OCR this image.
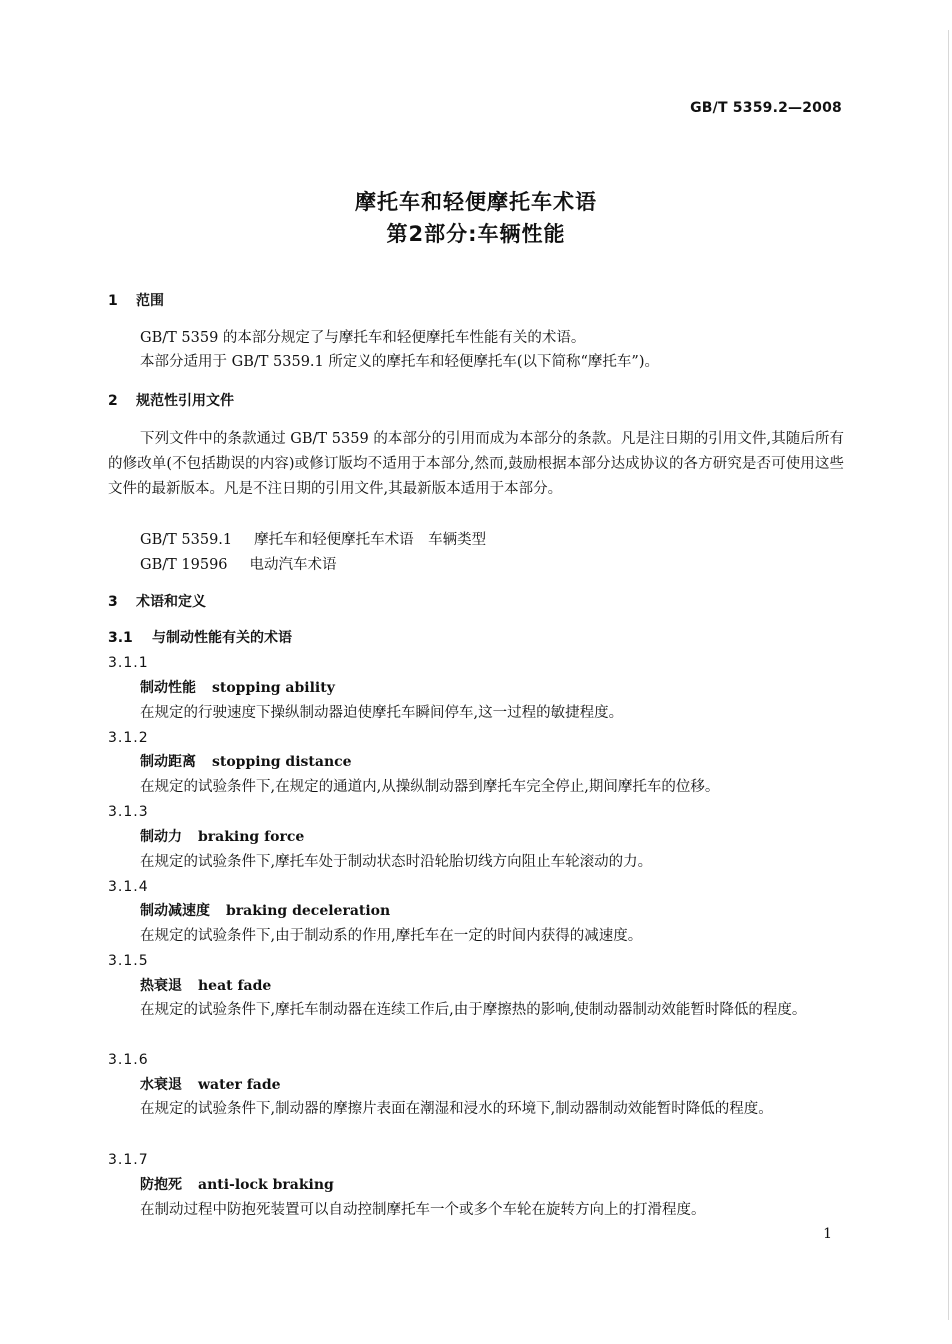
GB/T 5359.2—2008
摩托车和轻便摩托车术语
第2部分:车辆性能
1 范围
GB/T 5359 的本部分规定了与摩托车和轻便摩托车性能有关的术语。
本部分适用于 GB/T 5359.1 所定义的摩托车和轻便摩托车(以下简称“摩托车”)。
2 规范性引用文件
下列文件中的条款通过 GB/T 5359 的本部分的引用而成为本部分的条款。凡是注日期的引用文件,其随后所有的修改单(不包括勘误的内容)或修订版均不适用于本部分,然而,鼓励根据本部分达成协议的各方研究是否可使用这些文件的最新版本。凡是不注日期的引用文件,其最新版本适用于本部分。
GB/T 5359.1 摩托车和轻便摩托车术语　车辆类型
GB/T 19596 电动汽车术语
3 术语和定义
3.1 与制动性能有关的术语
3.1.1
制动性能 stopping ability
在规定的行驶速度下操纵制动器迫使摩托车瞬间停车,这一过程的敏捷程度。
3.1.2
制动距离 stopping distance
在规定的试验条件下,在规定的通道内,从操纵制动器到摩托车完全停止,期间摩托车的位移。
3.1.3
制动力 braking force
在规定的试验条件下,摩托车处于制动状态时沿轮胎切线方向阻止车轮滚动的力。
3.1.4
制动减速度 braking deceleration
在规定的试验条件下,由于制动系的作用,摩托车在一定的时间内获得的减速度。
3.1.5
热衰退 heat fade
在规定的试验条件下,摩托车制动器在连续工作后,由于摩擦热的影响,使制动器制动效能暂时降低的程度。
3.1.6
水衰退 water fade
在规定的试验条件下,制动器的摩擦片表面在潮湿和浸水的环境下,制动器制动效能暂时降低的程度。
3.1.7
防抱死 anti-lock braking
在制动过程中防抱死装置可以自动控制摩托车一个或多个车轮在旋转方向上的打滑程度。
1
